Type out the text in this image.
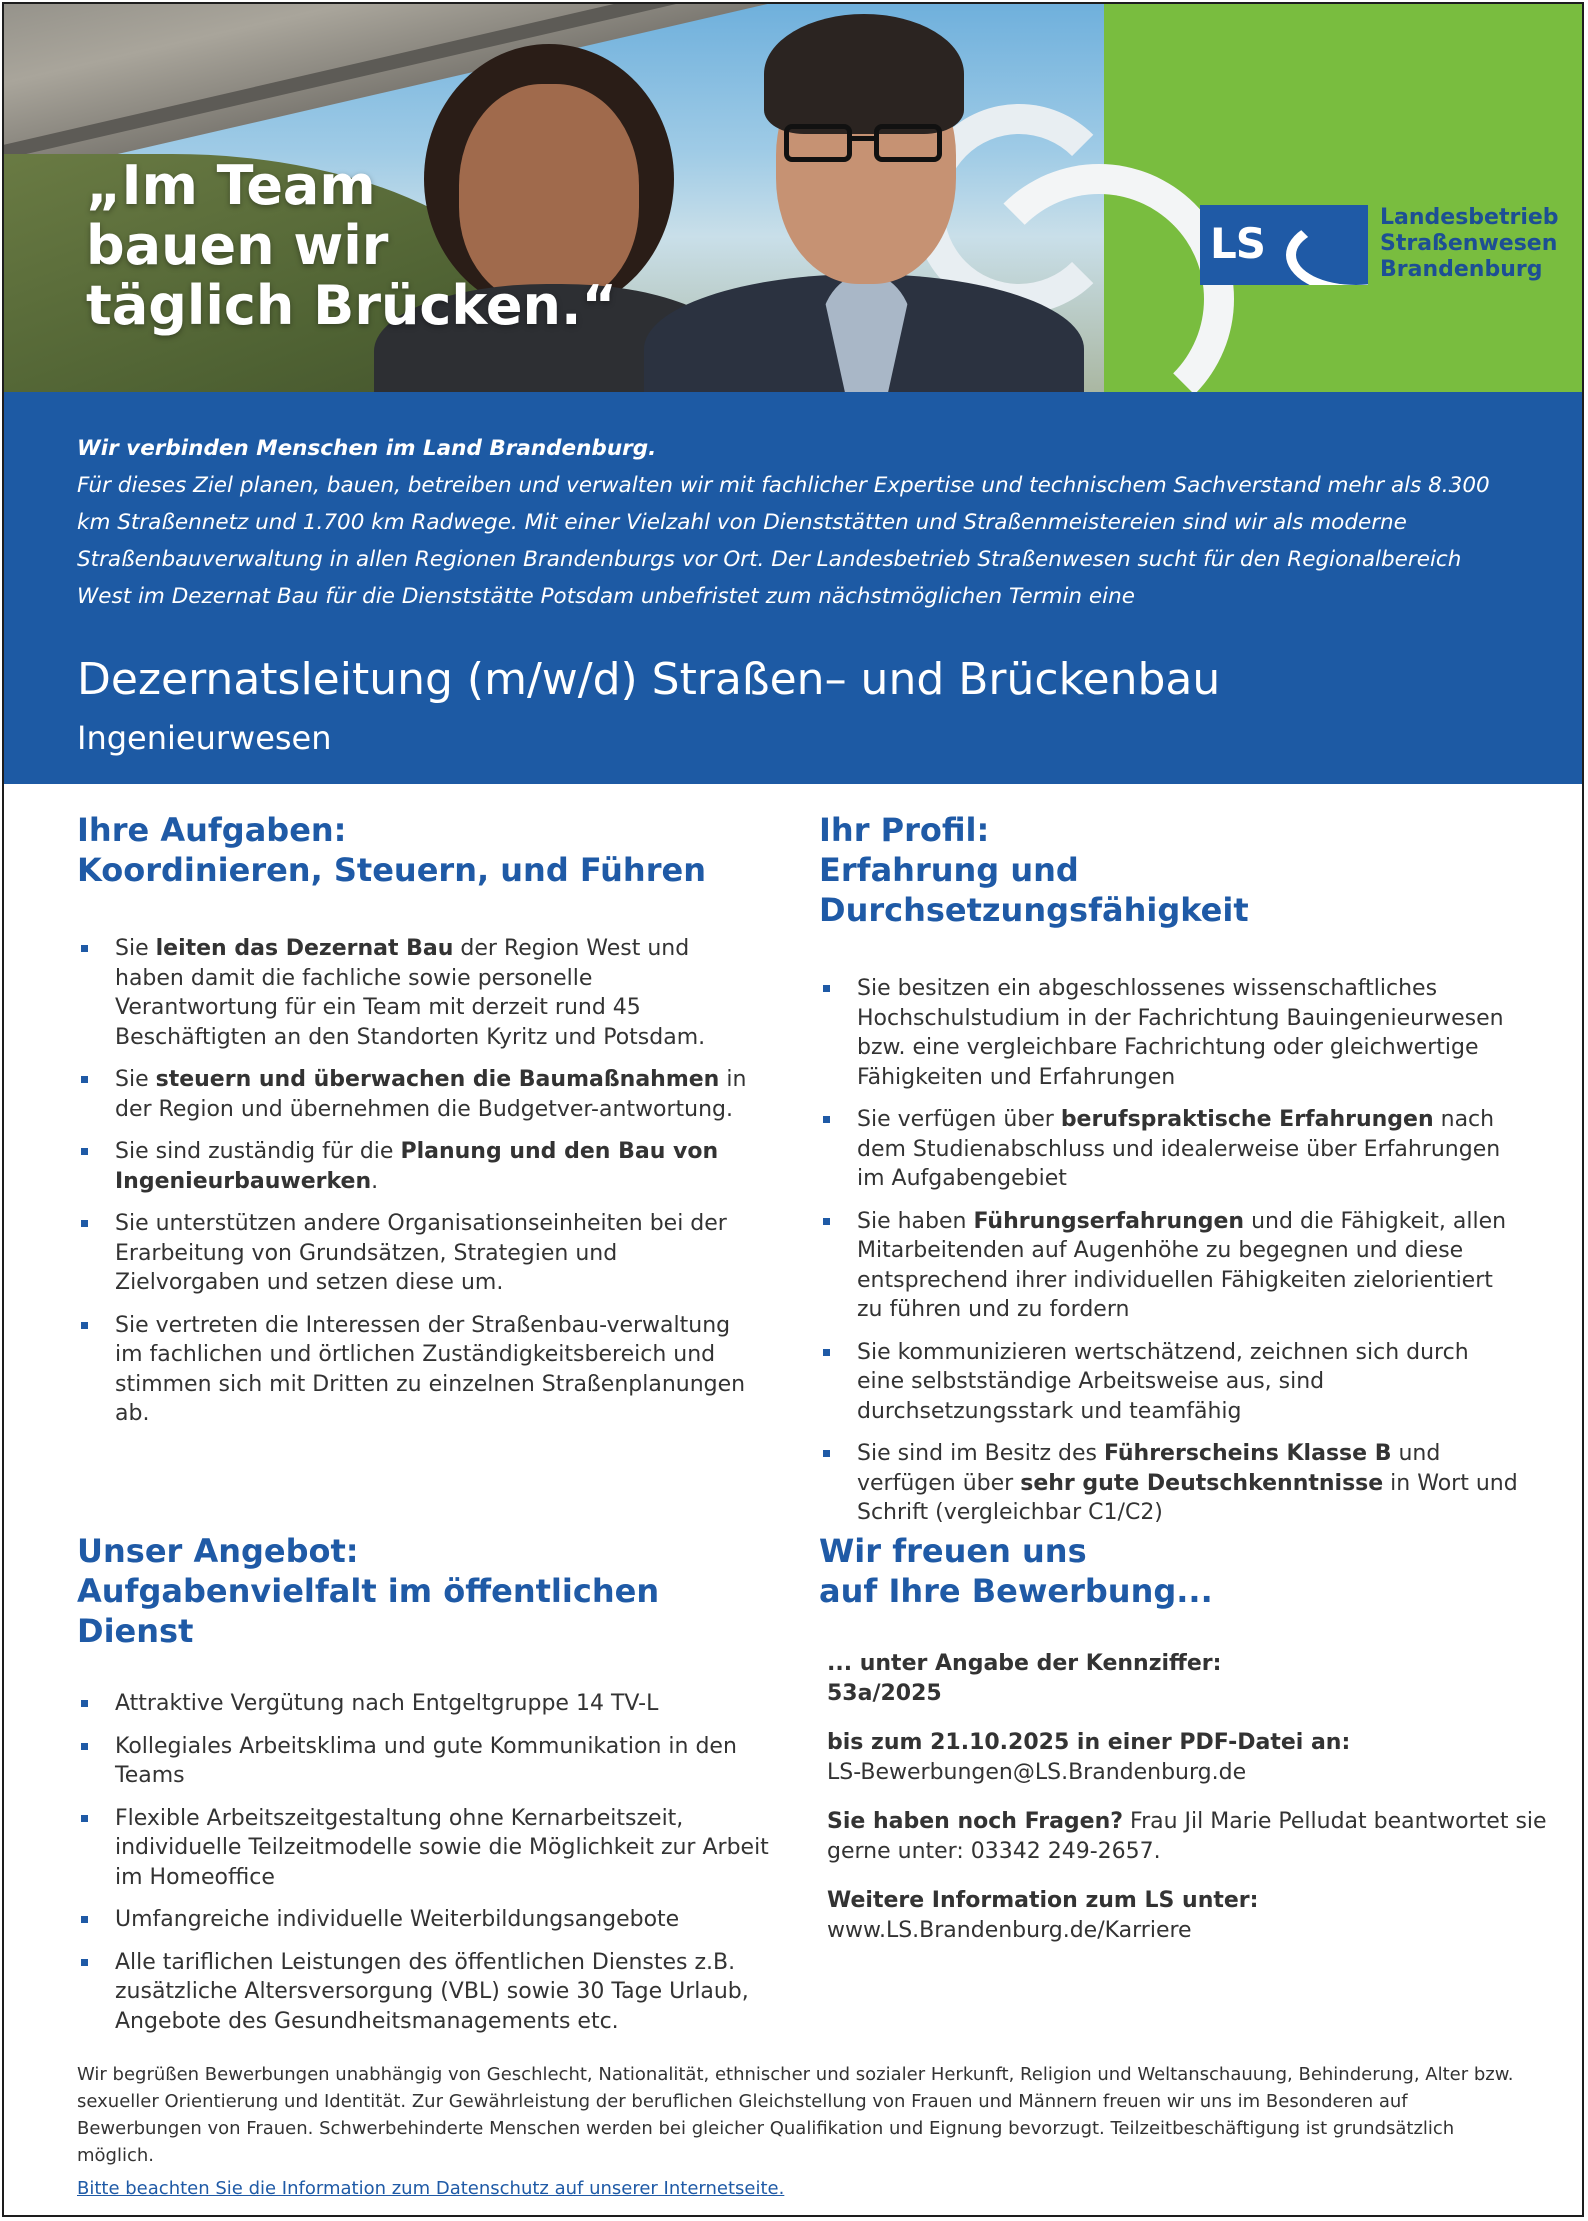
„Im Team
bauen wir
täglich Brücken.“

LS

Landesbetrieb
Straßenwesen
Brandenburg

Wir verbinden Menschen im Land Brandenburg.
Für dieses Ziel planen, bauen, betreiben und verwalten wir mit fachlicher Expertise und technischem Sachverstand mehr als 8.300 km Straßennetz und 1.700 km Radwege. Mit einer Vielzahl von Dienststätten und Straßenmeistereien sind wir als moderne Straßenbauverwaltung in allen Regionen Brandenburgs vor Ort. Der Landesbetrieb Straßenwesen sucht für den Regionalbereich West im Dezernat Bau für die Dienststätte Potsdam unbefristet zum nächstmöglichen Termin eine

Dezernatsleitung (m/w/d) Straßen– und Brückenbau

Ingenieurwesen

Ihre Aufgaben:
Koordinieren, Steuern, und Führen
Sie leiten das Dezernat Bau der Region West und haben damit die fachliche sowie personelle Verantwortung für ein Team mit derzeit rund 45 Beschäftigten an den Standorten Kyritz und Potsdam.
Sie steuern und überwachen die Baumaßnahmen in der Region und übernehmen die Budgetver-antwortung.
Sie sind zuständig für die Planung und den Bau von Ingenieurbauwerken.
Sie unterstützen andere Organisationseinheiten bei der Erarbeitung von Grundsätzen, Strategien und Zielvorgaben und setzen diese um.
Sie vertreten die Interessen der Straßenbau-verwaltung im fachlichen und örtlichen Zuständigkeitsbereich und stimmen sich mit Dritten zu einzelnen Straßenplanungen ab.
Ihr Profil:
Erfahrung und Durchsetzungsfähigkeit
Sie besitzen ein abgeschlossenes wissenschaftliches Hochschulstudium in der Fachrichtung Bauingenieurwesen bzw. eine vergleichbare Fachrichtung oder gleichwertige Fähigkeiten und Erfahrungen
Sie verfügen über berufspraktische Erfahrungen nach dem Studienabschluss und idealerweise über Erfahrungen im Aufgabengebiet
Sie haben Führungserfahrungen und die Fähigkeit, allen Mitarbeitenden auf Augenhöhe zu begegnen und diese entsprechend ihrer individuellen Fähigkeiten zielorientiert zu führen und zu fordern
Sie kommunizieren wertschätzend, zeichnen sich durch eine selbstständige Arbeitsweise aus, sind durchsetzungsstark und teamfähig
Sie sind im Besitz des Führerscheins Klasse B und verfügen über sehr gute Deutschkenntnisse in Wort und Schrift (vergleichbar C1/C2)
Unser Angebot:
Aufgabenvielfalt im öffentlichen Dienst
Attraktive Vergütung nach Entgeltgruppe 14 TV-L
Kollegiales Arbeitsklima und gute Kommunikation in den Teams
Flexible Arbeitszeitgestaltung ohne Kernarbeitszeit, individuelle Teilzeitmodelle sowie die Möglichkeit zur Arbeit im Homeoffice
Umfangreiche individuelle Weiterbildungsangebote
Alle tariflichen Leistungen des öffentlichen Dienstes z.B. zusätzliche Altersversorgung (VBL) sowie 30 Tage Urlaub, Angebote des Gesundheitsmanagements etc.
Wir freuen uns
auf Ihre Bewerbung...

... unter Angabe der Kennziffer:
53a/2025

bis zum 21.10.2025 in einer PDF-Datei an:
LS-Bewerbungen@LS.Brandenburg.de

Sie haben noch Fragen? Frau Jil Marie Pelludat beantwortet sie gerne unter: 03342 249-2657.

Weitere Information zum LS unter:
www.LS.Brandenburg.de/Karriere

Wir begrüßen Bewerbungen unabhängig von Geschlecht, Nationalität, ethnischer und sozialer Herkunft, Religion und Weltanschauung, Behinderung, Alter bzw. sexueller Orientierung und Identität. Zur Gewährleistung der beruflichen Gleichstellung von Frauen und Männern freuen wir uns im Besonderen auf Bewerbungen von Frauen. Schwerbehinderte Menschen werden bei gleicher Qualifikation und Eignung bevorzugt. Teilzeitbeschäftigung ist grundsätzlich möglich.

Bitte beachten Sie die Information zum Datenschutz auf unserer Internetseite.
